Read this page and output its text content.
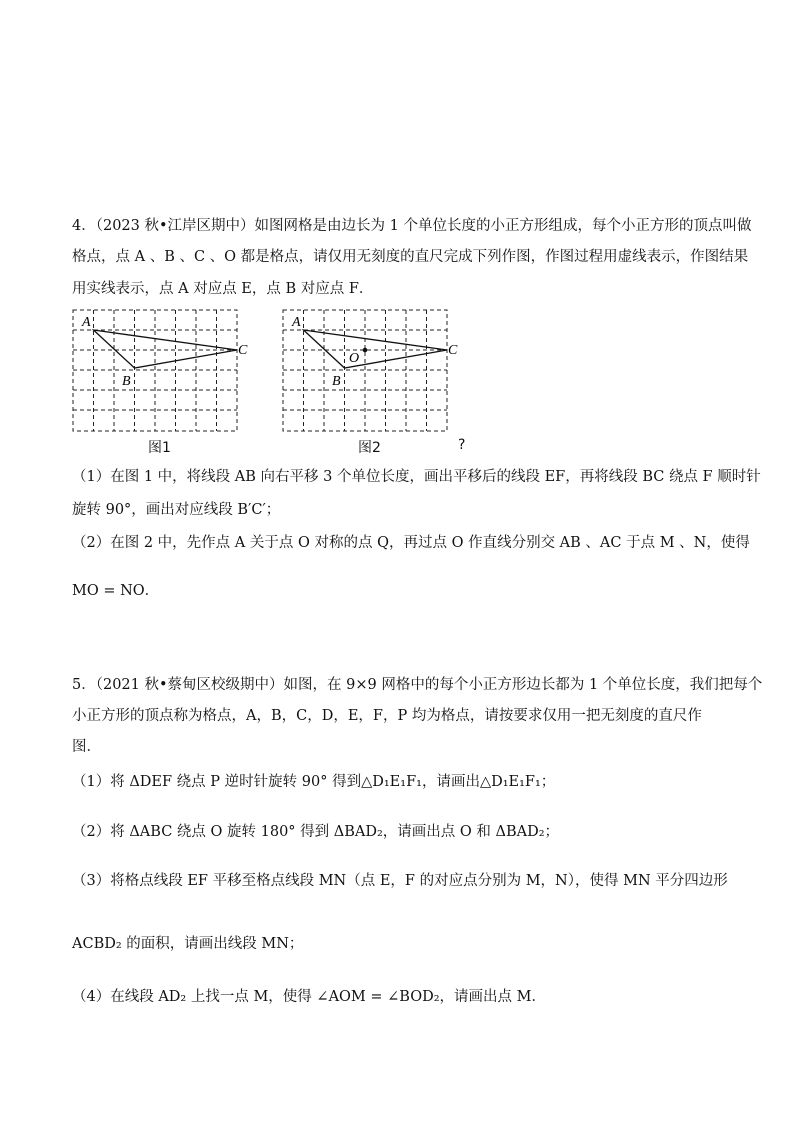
4．（2023 秋•江岸区期中）如图网格是由边长为 1 个单位长度的小正方形组成，每个小正方形的顶点叫做
格点，点 A 、B 、C 、O 都是格点，请仅用无刻度的直尺完成下列作图，作图过程用虚线表示，作图结果
用实线表示，点 A 对应点 E，点 B 对应点 F．
A
B
C
图1
A
O
B
C
图2	?
（1）在图 1 中，将线段 AB 向右平移 3 个单位长度，画出平移后的线段 EF，再将线段 BC 绕点 F 顺时针
旋转 90°，画出对应线段 B′C′；
（2）在图 2 中，先作点 A 关于点 O 对称的点 Q，再过点 O 作直线分别交 AB 、AC 于点 M 、N，使得
MO = NO．
5．（2021 秋•蔡甸区校级期中）如图，在 9×9 网格中的每个小正方形边长都为 1 个单位长度，我们把每个
小正方形的顶点称为格点，A，B，C，D，E，F，P 均为格点，请按要求仅用一把无刻度的直尺作
图．
（1）将 ΔDEF 绕点 P 逆时针旋转 90° 得到△D₁E₁F₁，请画出△D₁E₁F₁；
（2）将 ΔABC 绕点 O 旋转 180° 得到 ΔBAD₂，请画出点 O 和 ΔBAD₂；
（3）将格点线段 EF 平移至格点线段 MN（点 E，F 的对应点分别为 M，N），使得 MN 平分四边形
ACBD₂ 的面积，请画出线段 MN；
（4）在线段 AD₂ 上找一点 M，使得 ∠AOM = ∠BOD₂，请画出点 M．
